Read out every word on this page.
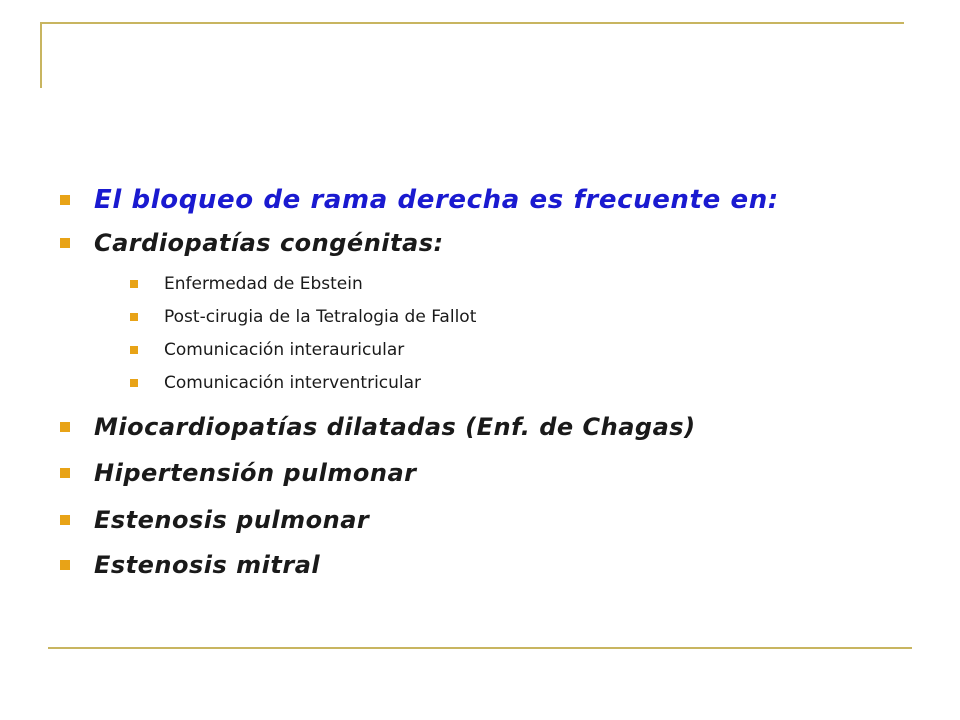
El bloqueo de rama derecha es frecuente en:
Cardiopatías congénitas:
Enfermedad de Ebstein
Post-cirugia de la Tetralogia de Fallot
Comunicación interauricular
Comunicación interventricular
Miocardiopatías dilatadas (Enf. de Chagas)
Hipertensión pulmonar
Estenosis pulmonar
Estenosis mitral
